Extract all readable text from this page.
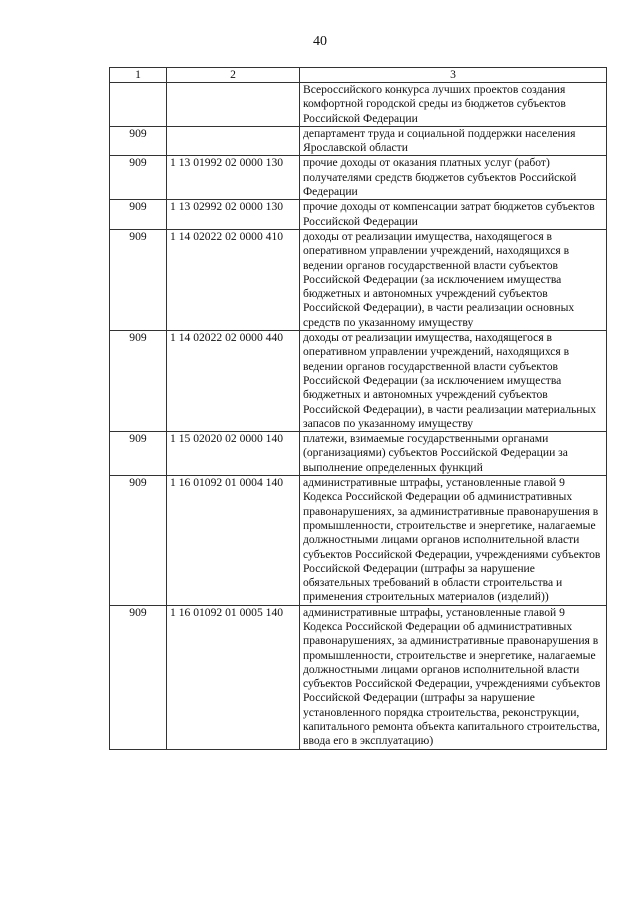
40
1	2	3
		Всероссийского конкурса лучших проектов создания комфортной городской среды из бюджетов субъектов Российской Федерации
909		департамент труда и социальной поддержки населения Ярославской области
909	1 13 01992 02 0000 130	прочие доходы от оказания платных услуг (работ) получателями средств бюджетов субъектов Российской Федерации
909	1 13 02992 02 0000 130	прочие доходы от компенсации затрат бюджетов субъектов Российской Федерации
909	1 14 02022 02 0000 410	доходы от реализации имущества, находящегося в оперативном управлении учреждений, находящихся в ведении органов государственной власти субъектов Российской Федерации (за исключением имущества бюджетных и автономных учреждений субъектов Российской Федерации), в части реализации основных средств по указанному имуществу
909	1 14 02022 02 0000 440	доходы от реализации имущества, находящегося в оперативном управлении учреждений, находящихся в ведении органов государственной власти субъектов Российской Федерации (за исключением имущества бюджетных и автономных учреждений субъектов Российской Федерации), в части реализации материальных запасов по указанному имуществу
909	1 15 02020 02 0000 140	платежи, взимаемые государственными органами (организациями) субъектов Российской Федерации за выполнение определенных функций
909	1 16 01092 01 0004 140	административные штрафы, установленные главой 9 Кодекса Российской Федерации об административных правонарушениях, за административные правонарушения в промышленности, строительстве и энергетике, налагаемые должностными лицами органов исполнительной власти субъектов Российской Федерации, учреждениями субъектов Российской Федерации (штрафы за нарушение обязательных требований в области строительства и применения строительных материалов (изделий))
909	1 16 01092 01 0005 140	административные штрафы, установленные главой 9 Кодекса Российской Федерации об административных правонарушениях, за административные правонарушения в промышленности, строительстве и энергетике, налагаемые должностными лицами органов исполнительной власти субъектов Российской Федерации, учреждениями субъектов Российской Федерации (штрафы за нарушение установленного порядка строительства, реконструкции, капитального ремонта объекта капитального строительства, ввода его в эксплуатацию)
